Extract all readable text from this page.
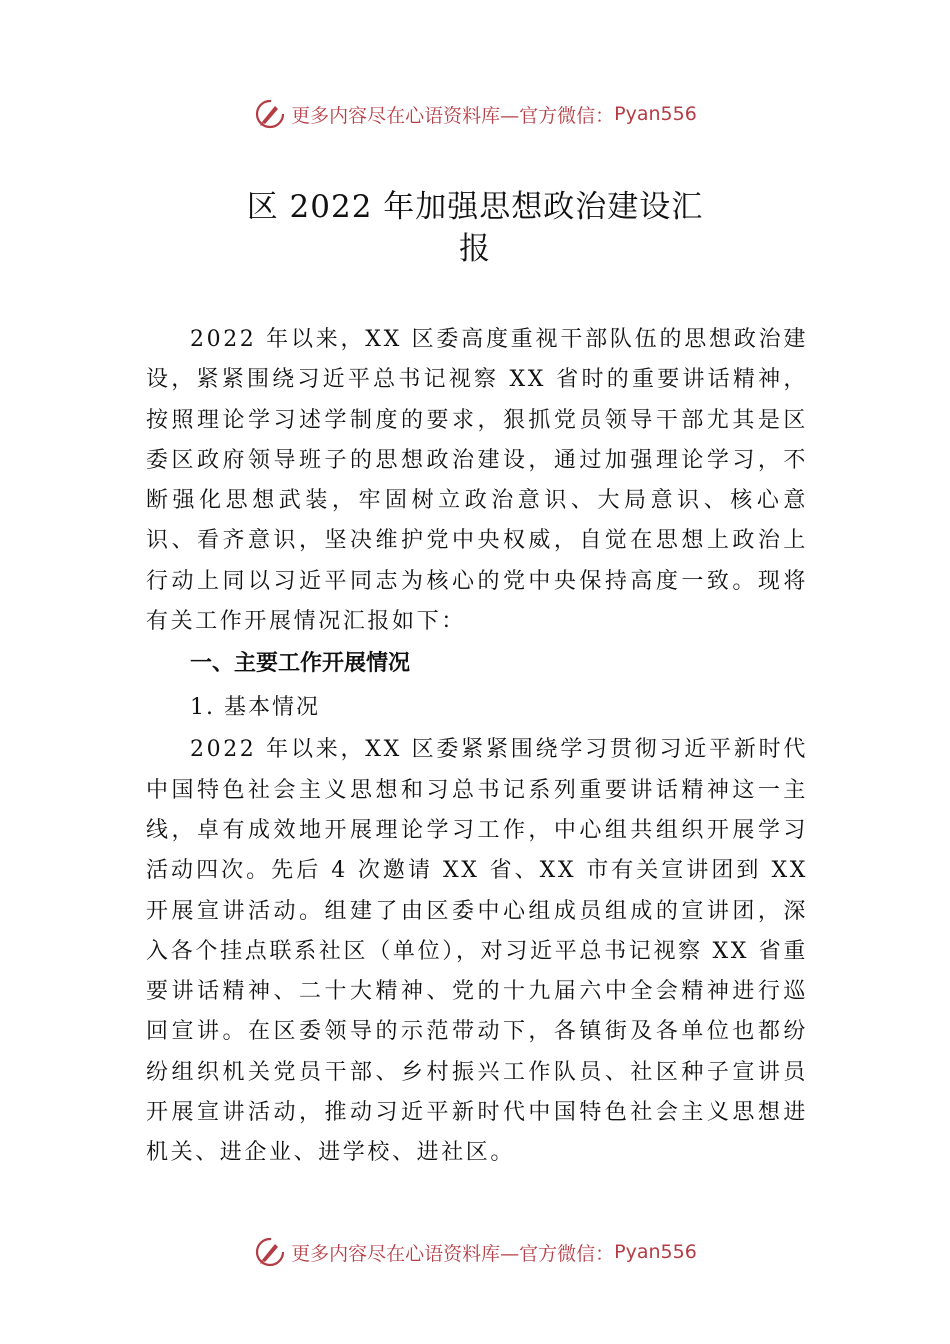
更多内容尽在心语资料库—官方微信： Pyan556
区 2022 年加强思想政治建设汇
报

2022 年以来，XX 区委高度重视干部队伍的思想政治建设，紧紧围绕习近平总书记视察 XX 省时的重要讲话精神，按照理论学习述学制度的要求，狠抓党员领导干部尤其是区委区政府领导班子的思想政治建设，通过加强理论学习，不断强化思想武装，牢固树立政治意识、大局意识、核心意识、看齐意识，坚决维护党中央权威，自觉在思想上政治上行动上同以习近平同志为核心的党中央保持高度一致。现将有关工作开展情况汇报如下：

一、主要工作开展情况

1. 基本情况

2022 年以来，XX 区委紧紧围绕学习贯彻习近平新时代中国特色社会主义思想和习总书记系列重要讲话精神这一主线，卓有成效地开展理论学习工作，中心组共组织开展学习活动四次。先后 4 次邀请 XX 省、XX 市有关宣讲团到 XX 开展宣讲活动。组建了由区委中心组成员组成的宣讲团，深 入各个挂点联系社区（单位），对习近平总书记视察 XX 省重要讲话精神、二十大精神、党的十九届六中全会精神进行巡回宣讲。在区委领导的示范带动下，各镇街及各单位也都纷纷组织机关党员干部、乡村振兴工作队员、社区种子宣讲员开展宣讲活动，推动习近平新时代中国特色社会主义思想进机关、进企业、进学校、进社区。

更多内容尽在心语资料库—官方微信： Pyan556
